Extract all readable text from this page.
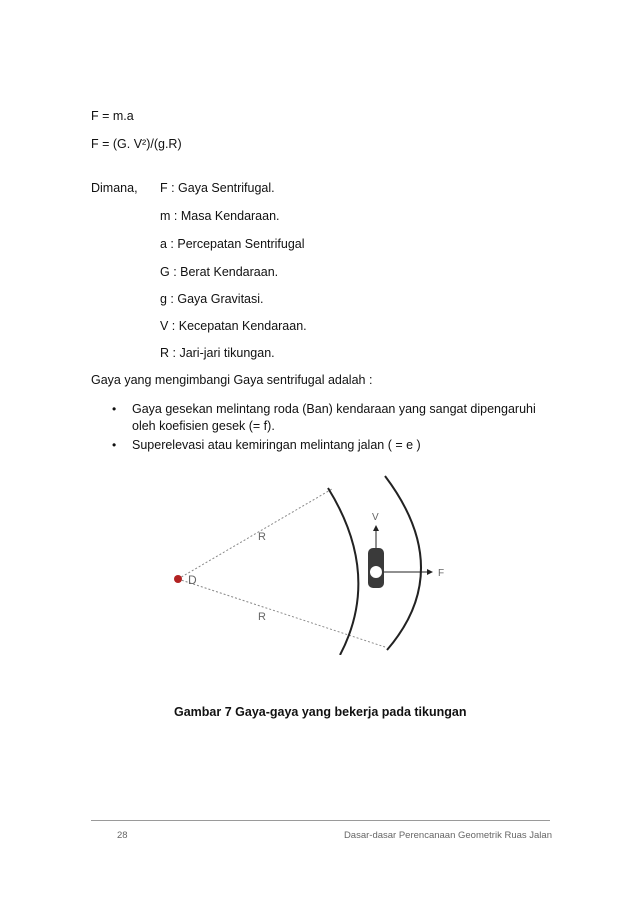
F = m.a
F = (G. V²)/(g.R)
Dimana, F : Gaya Sentrifugal.
m : Masa Kendaraan.
a : Percepatan Sentrifugal
G : Berat Kendaraan.
g : Gaya Gravitasi.
V : Kecepatan Kendaraan.
R : Jari-jari tikungan.
Gaya yang mengimbangi Gaya sentrifugal adalah :
• Gaya gesekan melintang roda (Ban) kendaraan yang sangat dipengaruhi
oleh koefisien gesek (= f).
• Superelevasi atau kemiringan melintang jalan ( = e )
D
R
R
V
F
Gambar 7 Gaya-gaya yang bekerja pada tikungan
28	Dasar-dasar Perencanaan Geometrik Ruas Jalan
